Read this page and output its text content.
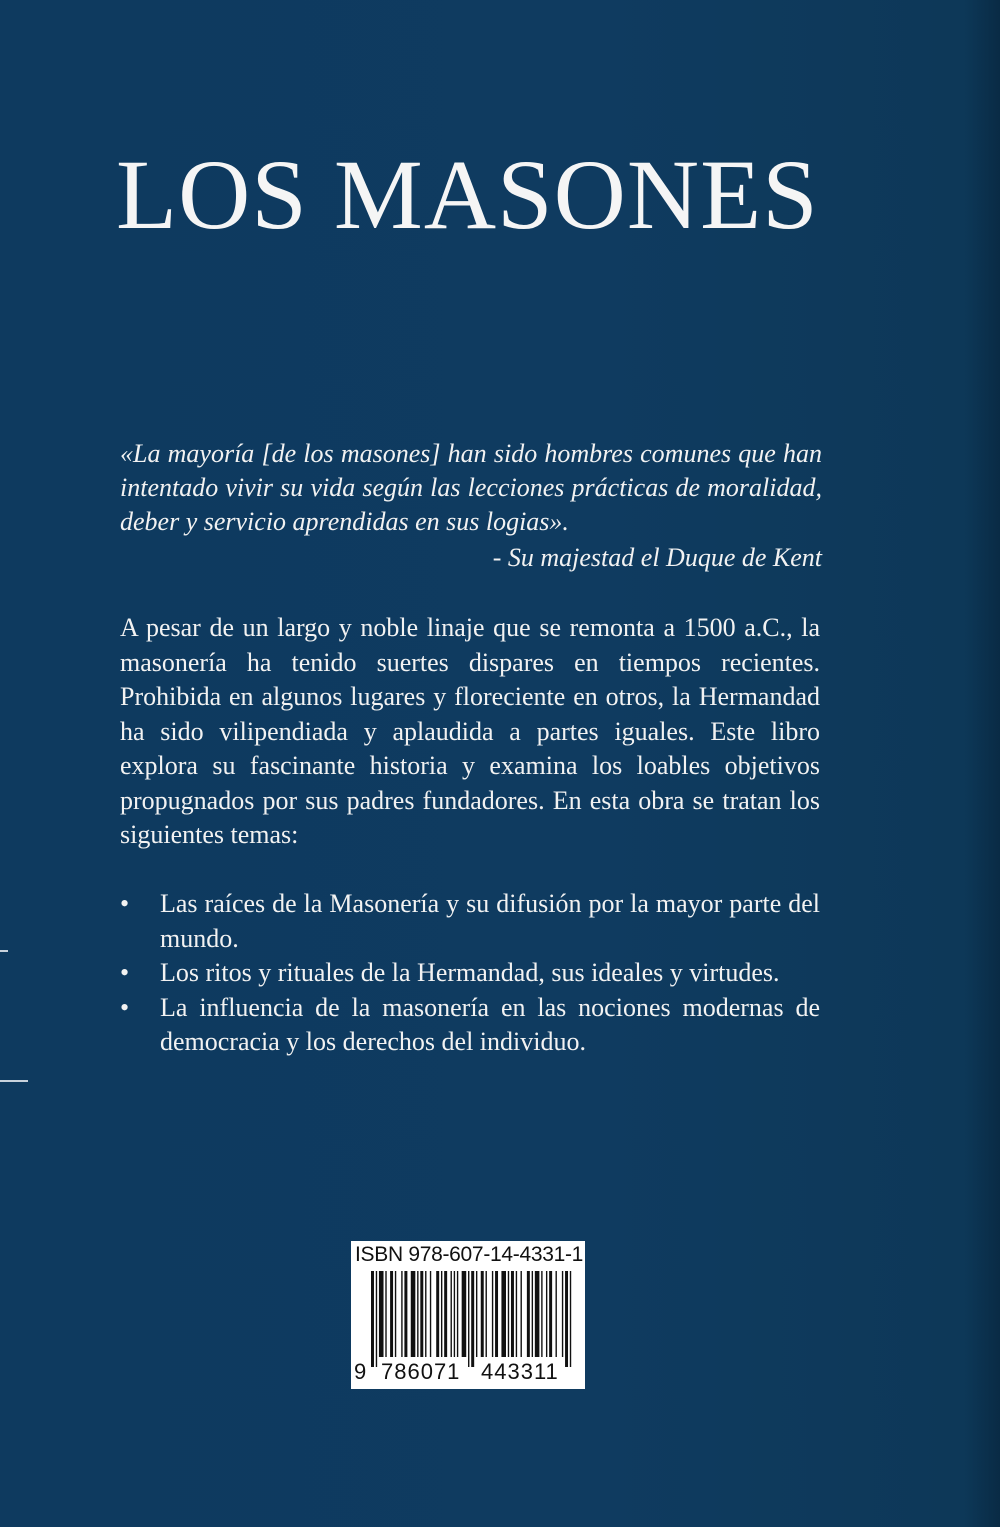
LOS MASONES

«La mayoría [de los masones] han sido hombres comunes que han intentado vivir su vida según las lecciones prácticas de moralidad, deber y servicio aprendidas en sus logias».

- Su majestad el Duque de Kent

A pesar de un largo y noble linaje que se remonta a 1500 a.C., la masonería ha tenido suertes dispares en tiempos recientes. Prohibida en algunos lugares y floreciente en otros, la Hermandad ha sido vilipendiada y aplaudida a partes iguales. Este libro explora su fascinante historia y examina los loables objetivos propugnados por sus padres fundadores. En esta obra se tratan los siguientes temas:

• Las raíces de la Masonería y su difusión por la mayor parte del mundo.
• Los ritos y rituales de la Hermandad, sus ideales y virtudes.
• La influencia de la masonería en las nociones modernas de democracia y los derechos del individuo.
ISBN 978-607-14-4331-1
9 786071 443311
